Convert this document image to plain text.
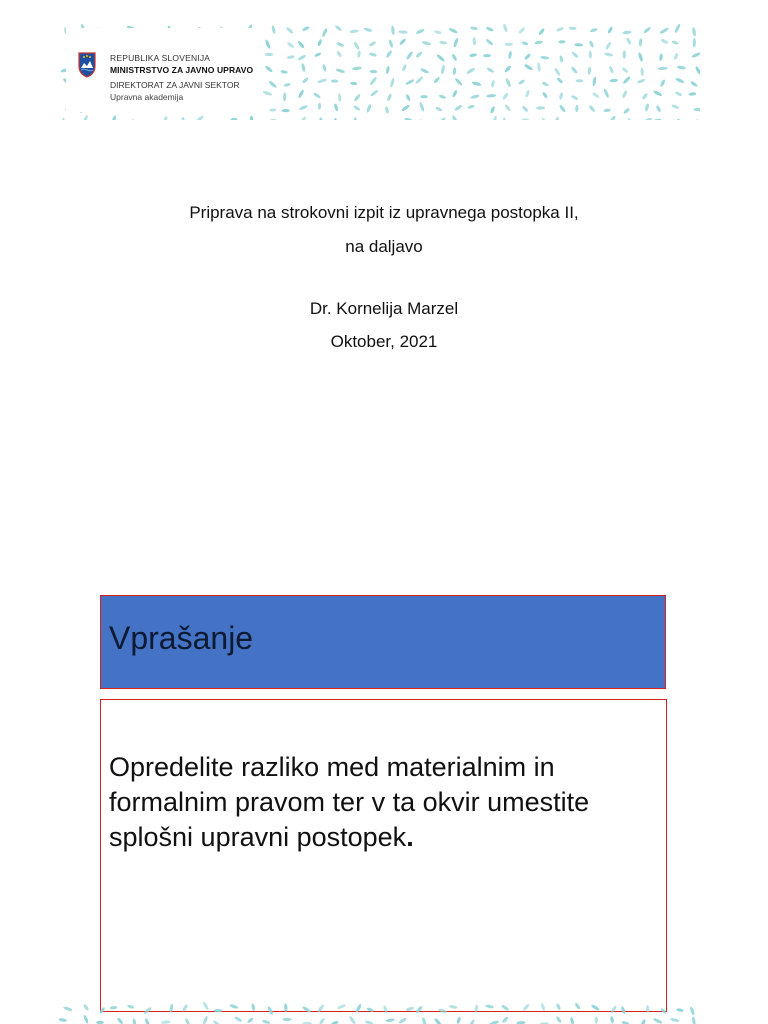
REPUBLIKA SLOVENIJA
MINISTRSTVO ZA JAVNO UPRAVO
DIREKTORAT ZA JAVNI SEKTOR
Upravna akademija
Priprava na strokovni izpit iz upravnega postopka II,
na daljavo
Dr. Kornelija Marzel
Oktober, 2021
Vprašanje
Opredelite razliko med materialnim in formalnim pravom ter v ta okvir umestite splošni upravni postopek.
